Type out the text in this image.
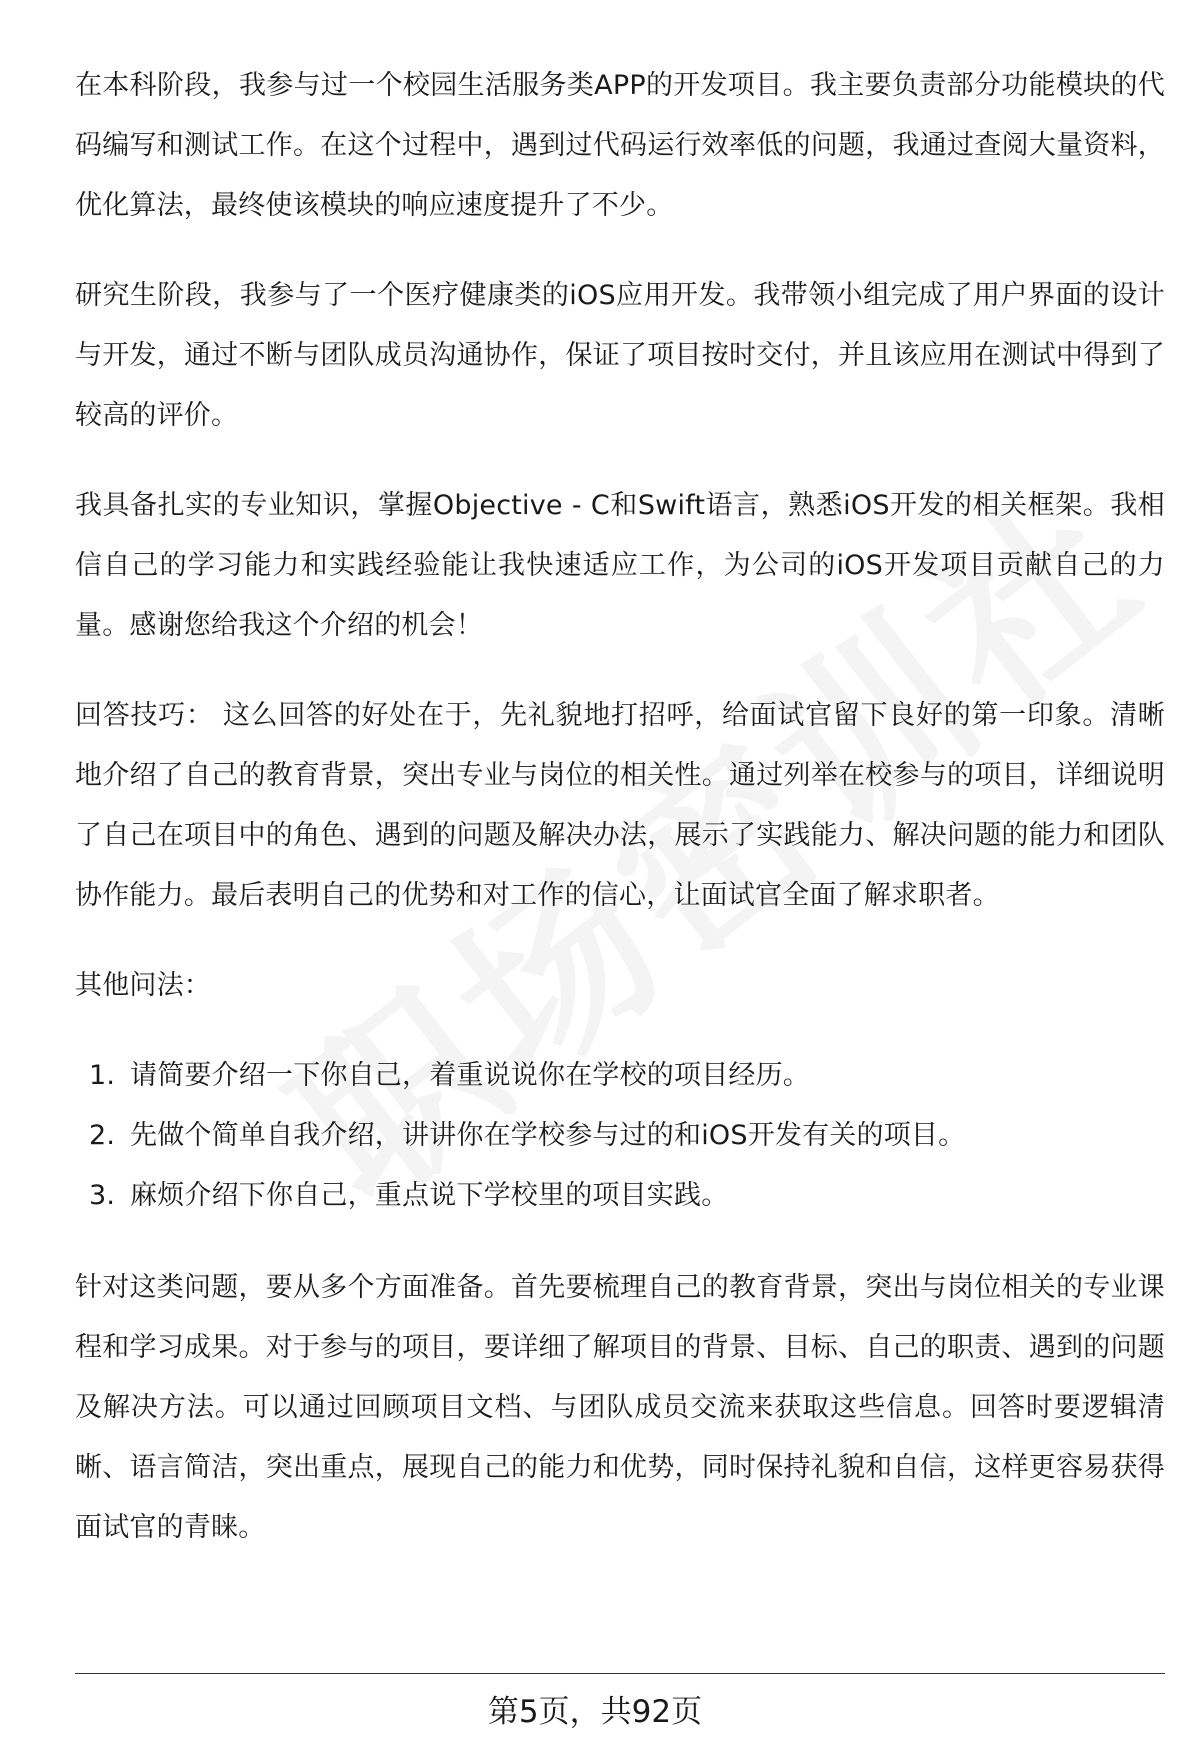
在本科阶段，我参与过一个校园生活服务类APP的开发项目。我主要负责部分功能模块的代码编写和测试工作。在这个过程中，遇到过代码运行效率低的问题，我通过查阅大量资料，优化算法，最终使该模块的响应速度提升了不少。

研究生阶段，我参与了一个医疗健康类的iOS应用开发。我带领小组完成了用户界面的设计与开发，通过不断与团队成员沟通协作，保证了项目按时交付，并且该应用在测试中得到了较高的评价。

我具备扎实的专业知识，掌握Objective - C和Swift语言，熟悉iOS开发的相关框架。我相信自己的学习能力和实践经验能让我快速适应工作，为公司的iOS开发项目贡献自己的力量。感谢您给我这个介绍的机会！

回答技巧： 这么回答的好处在于，先礼貌地打招呼，给面试官留下良好的第一印象。清晰地介绍了自己的教育背景，突出专业与岗位的相关性。通过列举在校参与的项目，详细说明了自己在项目中的角色、遇到的问题及解决办法，展示了实践能力、解决问题的能力和团队协作能力。最后表明自己的优势和对工作的信心，让面试官全面了解求职者。

其他问法：

1. 请简要介绍一下你自己，着重说说你在学校的项目经历。
2. 先做个简单自我介绍，讲讲你在学校参与过的和iOS开发有关的项目。
3. 麻烦介绍下你自己，重点说下学校里的项目实践。

针对这类问题，要从多个方面准备。首先要梳理自己的教育背景，突出与岗位相关的专业课程和学习成果。对于参与的项目，要详细了解项目的背景、目标、自己的职责、遇到的问题及解决方法。可以通过回顾项目文档、与团队成员交流来获取这些信息。回答时要逻辑清晰、语言简洁，突出重点，展现自己的能力和优势，同时保持礼貌和自信，这样更容易获得面试官的青睐。

第5页，共92页
